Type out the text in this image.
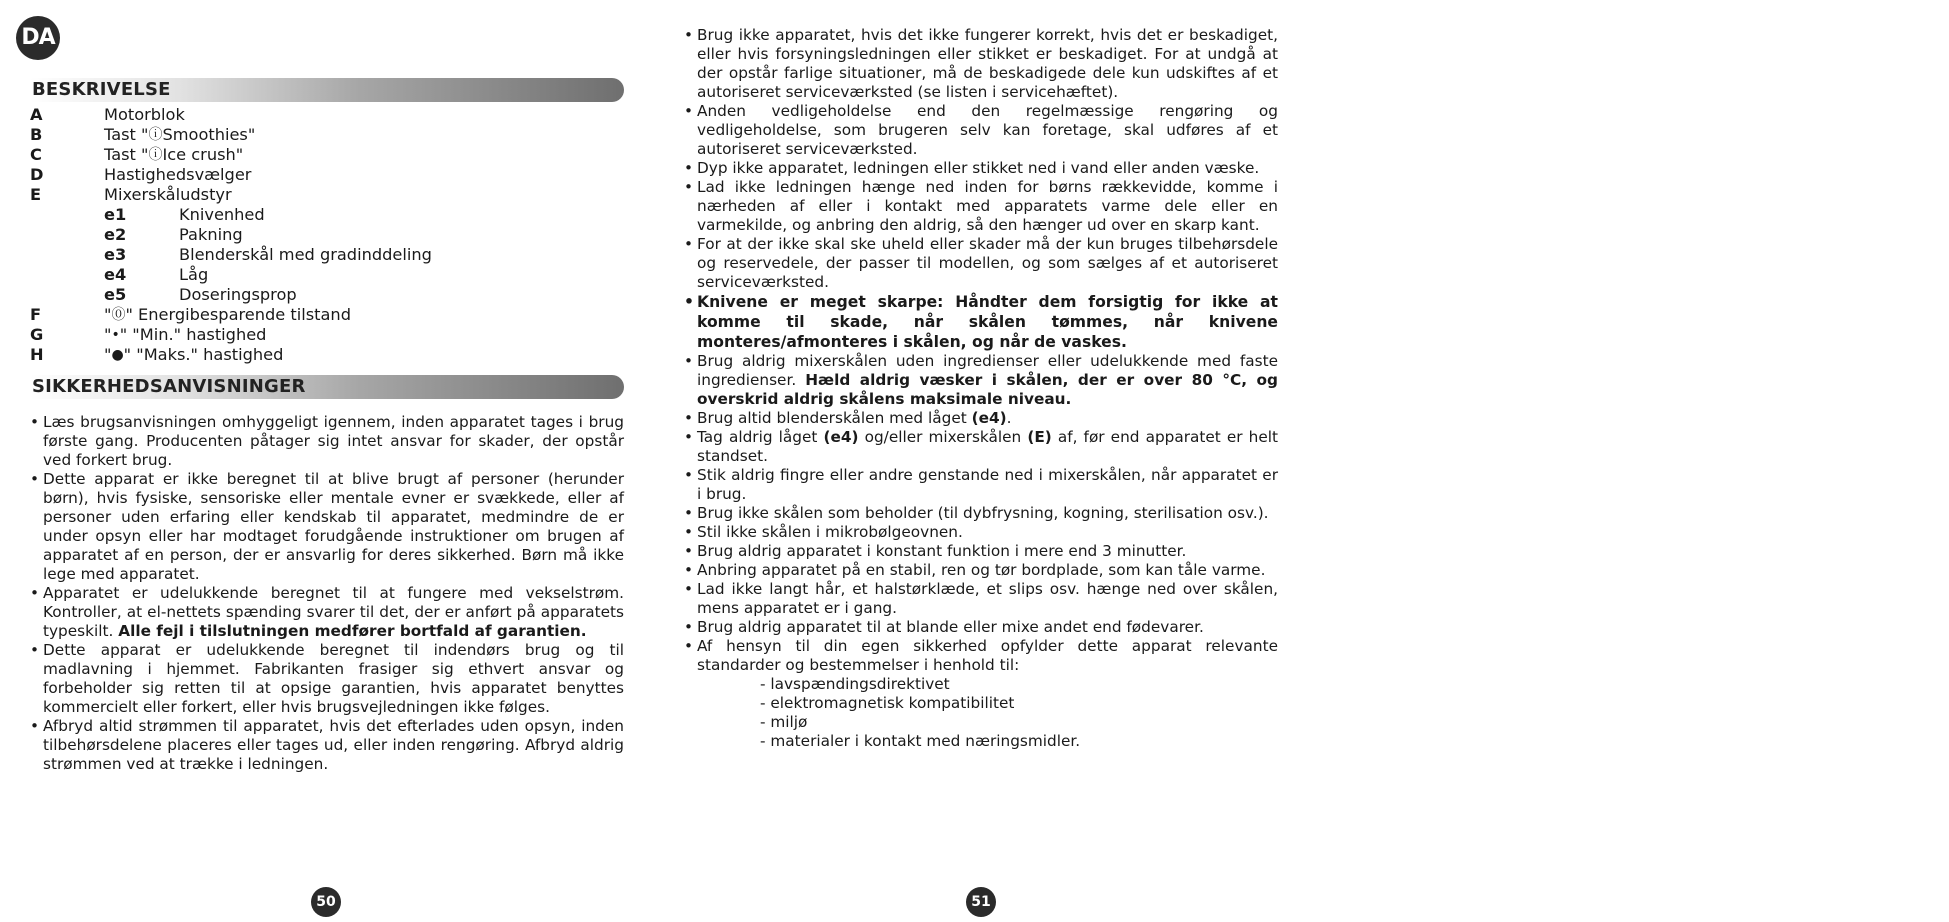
DA
BESKRIVELSE
A	Motorblok
B	Tast " ⓘ Smoothies"
C	Tast " ⓘ Ice crush"
D	Hastighedsvælger
E	Mixerskåludstyr
e1	Knivenhed
e2	Pakning
e3	Blenderskål med gradinddeling
e4	Låg
e5	Doseringsprop
F	" ⓪ " Energibesparende tilstand
G	" • " "Min." hastighed
H	" ● " "Maks." hastighed
SIKKERHEDSANVISNINGER
• Læs brugsanvisningen omhyggeligt igennem, inden apparatet tages i brug første gang. Producenten påtager sig intet ansvar for skader, der opstår ved forkert brug.
• Dette apparat er ikke beregnet til at blive brugt af personer (herunder børn), hvis fysiske, sensoriske eller mentale evner er svækkede, eller af personer uden erfaring eller kendskab til apparatet, medmindre de er under opsyn eller har modtaget forudgående instruktioner om brugen af apparatet af en person, der er ansvarlig for deres sikkerhed. Børn må ikke lege med apparatet.
• Apparatet er udelukkende beregnet til at fungere med vekselstrøm. Kontroller, at el-nettets spænding svarer til det, der er anført på apparatets typeskilt. Alle fejl i tilslutningen medfører bortfald af garantien.
• Dette apparat er udelukkende beregnet til indendørs brug og til madlavning i hjemmet. Fabrikanten frasiger sig ethvert ansvar og forbeholder sig retten til at opsige garantien, hvis apparatet benyttes kommercielt eller forkert, eller hvis brugsvejledningen ikke følges.
• Afbryd altid strømmen til apparatet, hvis det efterlades uden opsyn, inden tilbehørsdelene placeres eller tages ud, eller inden rengøring. Afbryd aldrig strømmen ved at trække i ledningen.
• Brug ikke apparatet, hvis det ikke fungerer korrekt, hvis det er beskadiget, eller hvis forsyningsledningen eller stikket er beskadiget. For at undgå at der opstår farlige situationer, må de beskadigede dele kun udskiftes af et autoriseret serviceværksted (se listen i servicehæftet).
• Anden vedligeholdelse end den regelmæssige rengøring og vedligeholdelse, som brugeren selv kan foretage, skal udføres af et autoriseret serviceværksted.
• Dyp ikke apparatet, ledningen eller stikket ned i vand eller anden væske.
• Lad ikke ledningen hænge ned inden for børns rækkevidde, komme i nærheden af eller i kontakt med apparatets varme dele eller en varmekilde, og anbring den aldrig, så den hænger ud over en skarp kant.
• For at der ikke skal ske uheld eller skader må der kun bruges tilbehørsdele og reservedele, der passer til modellen, og som sælges af et autoriseret serviceværksted.
• Knivene er meget skarpe: Håndter dem forsigtig for ikke at komme til skade, når skålen tømmes, når knivene monteres/afmonteres i skålen, og når de vaskes.
• Brug aldrig mixerskålen uden ingredienser eller udelukkende med faste ingredienser. Hæld aldrig væsker i skålen, der er over 80 °C, og overskrid aldrig skålens maksimale niveau.
• Brug altid blenderskålen med låget (e4).
• Tag aldrig låget (e4) og/eller mixerskålen (E) af, før end apparatet er helt standset.
• Stik aldrig fingre eller andre genstande ned i mixerskålen, når apparatet er i brug.
• Brug ikke skålen som beholder (til dybfrysning, kogning, sterilisation osv.).
• Stil ikke skålen i mikrobølgeovnen.
• Brug aldrig apparatet i konstant funktion i mere end 3 minutter.
• Anbring apparatet på en stabil, ren og tør bordplade, som kan tåle varme.
• Lad ikke langt hår, et halstørklæde, et slips osv. hænge ned over skålen, mens apparatet er i gang.
• Brug aldrig apparatet til at blande eller mixe andet end fødevarer.
• Af hensyn til din egen sikkerhed opfylder dette apparat relevante standarder og bestemmelser i henhold til:
- lavspændingsdirektivet
- elektromagnetisk kompatibilitet
- miljø
- materialer i kontakt med næringsmidler.
50	51
